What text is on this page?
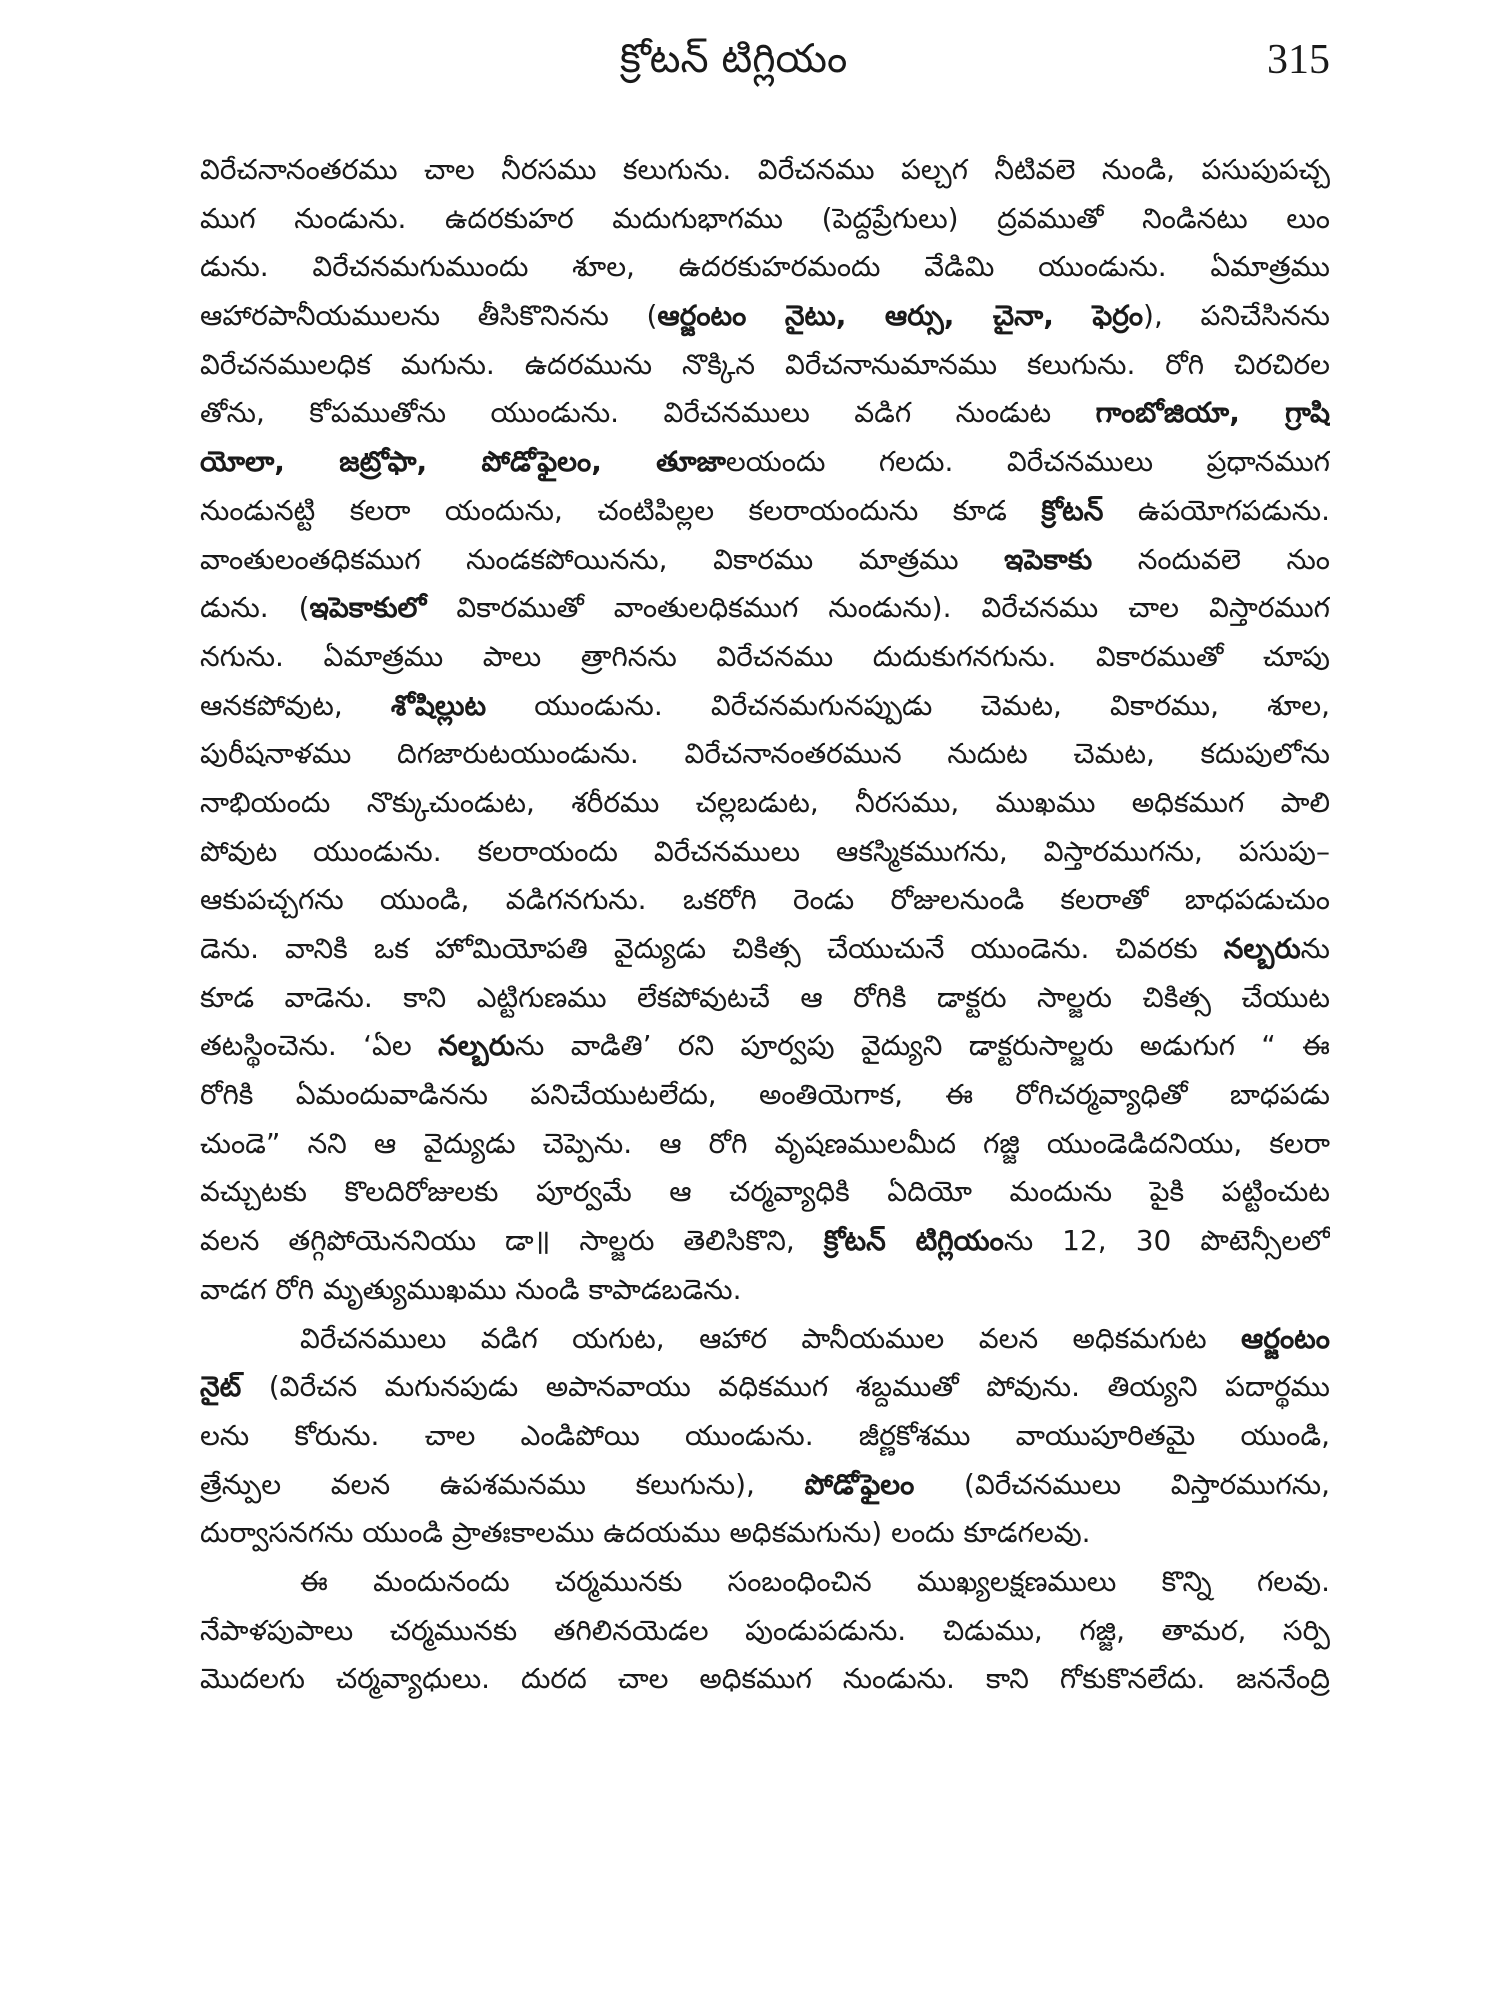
క్రోటన్ టిగ్లియం	315
విరేచనానంతరము చాల నీరసము కలుగును. విరేచనము పల్చగ నీటివలె నుండి, పసుపుపచ్చ
ముగ నుండును. ఉదరకుహర మదుగుభాగము (పెద్దప్రేగులు) ద్రవముతో నిండినటు లుం
డును. విరేచనమగుముందు శూల, ఉదరకుహరమందు వేడిమి యుండును. ఏమాత్రము
ఆహారపానీయములను తీసికొనినను (ఆర్జంటం నైటు, ఆర్సు, చైనా, ఫెర్రం), పనిచేసినను
విరేచనములధిక మగును. ఉదరమును నొక్కిన విరేచనానుమానము కలుగును. రోగి చిరచిరల
తోను, కోపముతోను యుండును. విరేచనములు వడిగ నుండుట గాంబోజియా, గ్రాషి
యోలా, జట్రోఫా, పోడోఫైలం, తూజాలయందు గలదు. విరేచనములు ప్రధానముగ
నుండునట్టి కలరా యందును, చంటిపిల్లల కలరాయందును కూడ క్రోటన్ ఉపయోగపడును.
వాంతులంతధికముగ నుండకపోయినను, వికారము మాత్రము ఇపెకాకు నందువలె నుం
డును. (ఇపెకాకులో వికారముతో వాంతులధికముగ నుండును). విరేచనము చాల విస్తారముగ
నగును. ఏమాత్రము పాలు త్రాగినను విరేచనము దుదుకుగనగును. వికారముతో చూపు
ఆనకపోవుట, శోషిల్లుట యుండును. విరేచనమగునప్పుడు చెమట, వికారము, శూల,
పురీషనాళము దిగజారుటయుండును. విరేచనానంతరమున నుదుట చెమట, కదుపులోను
నాభియందు నొక్కుచుండుట, శరీరము చల్లబడుట, నీరసము, ముఖము అధికముగ పాలి
పోవుట యుండును. కలరాయందు విరేచనములు ఆకస్మికముగను, విస్తారముగను, పసుపు–
ఆకుపచ్చగను యుండి, వడిగనగును. ఒకరోగి రెండు రోజులనుండి కలరాతో బాధపడుచుం
డెను. వానికి ఒక హోమియోపతి వైద్యుడు చికిత్స చేయుచునే యుండెను. చివరకు నల్బరును
కూడ వాడెను. కాని ఎట్టిగుణము లేకపోవుటచే ఆ రోగికి డాక్టరు సాల్జరు చికిత్స చేయుట
తటస్థించెను. ‘ఏల నల్బరును వాడితి’ రని పూర్వపు వైద్యుని డాక్టరుసాల్జరు అడుగుగ “ ఈ
రోగికి ఏమందువాడినను పనిచేయుటలేదు, అంతియెగాక, ఈ రోగిచర్మవ్యాధితో బాధపడు
చుండె” నని ఆ వైద్యుడు చెప్పెను. ఆ రోగి వృషణములమీద గజ్జి యుండెడిదనియు, కలరా
వచ్చుటకు కొలదిరోజులకు పూర్వమే ఆ చర్మవ్యాధికి ఏదియో మందును పైకి పట్టించుట
వలన తగ్గిపోయెననియు డా॥ సాల్జరు తెలిసికొని, క్రోటన్ టిగ్లియంను 12, 30 పొటెన్సీలలో
వాడగ రోగి మృత్యుముఖము నుండి కాపాడబడెను.
విరేచనములు వడిగ యగుట, ఆహార పానీయముల వలన అధికమగుట ఆర్జంటం
నైట్ (విరేచన మగునపుడు అపానవాయు వధికముగ శబ్దముతో పోవును. తియ్యని పదార్థము
లను కోరును. చాల ఎండిపోయి యుండును. జీర్ణకోశము వాయుపూరితమై యుండి,
త్రేన్పుల వలన ఉపశమనము కలుగును), పోడోఫైలం (విరేచనములు విస్తారముగను,
దుర్వాసనగను యుండి ప్రాతఃకాలము ఉదయము అధికమగును) లందు కూడగలవు.
ఈ మందునందు చర్మమునకు సంబంధించిన ముఖ్యలక్షణములు కొన్ని గలవు.
నేపాళపుపాలు చర్మమునకు తగిలినయెడల పుండుపడును. చిడుము, గజ్జి, తామర, సర్పి
మొదలగు చర్మవ్యాధులు. దురద చాల అధికముగ నుండును. కాని గోకుకొనలేదు. జననేంద్రి
